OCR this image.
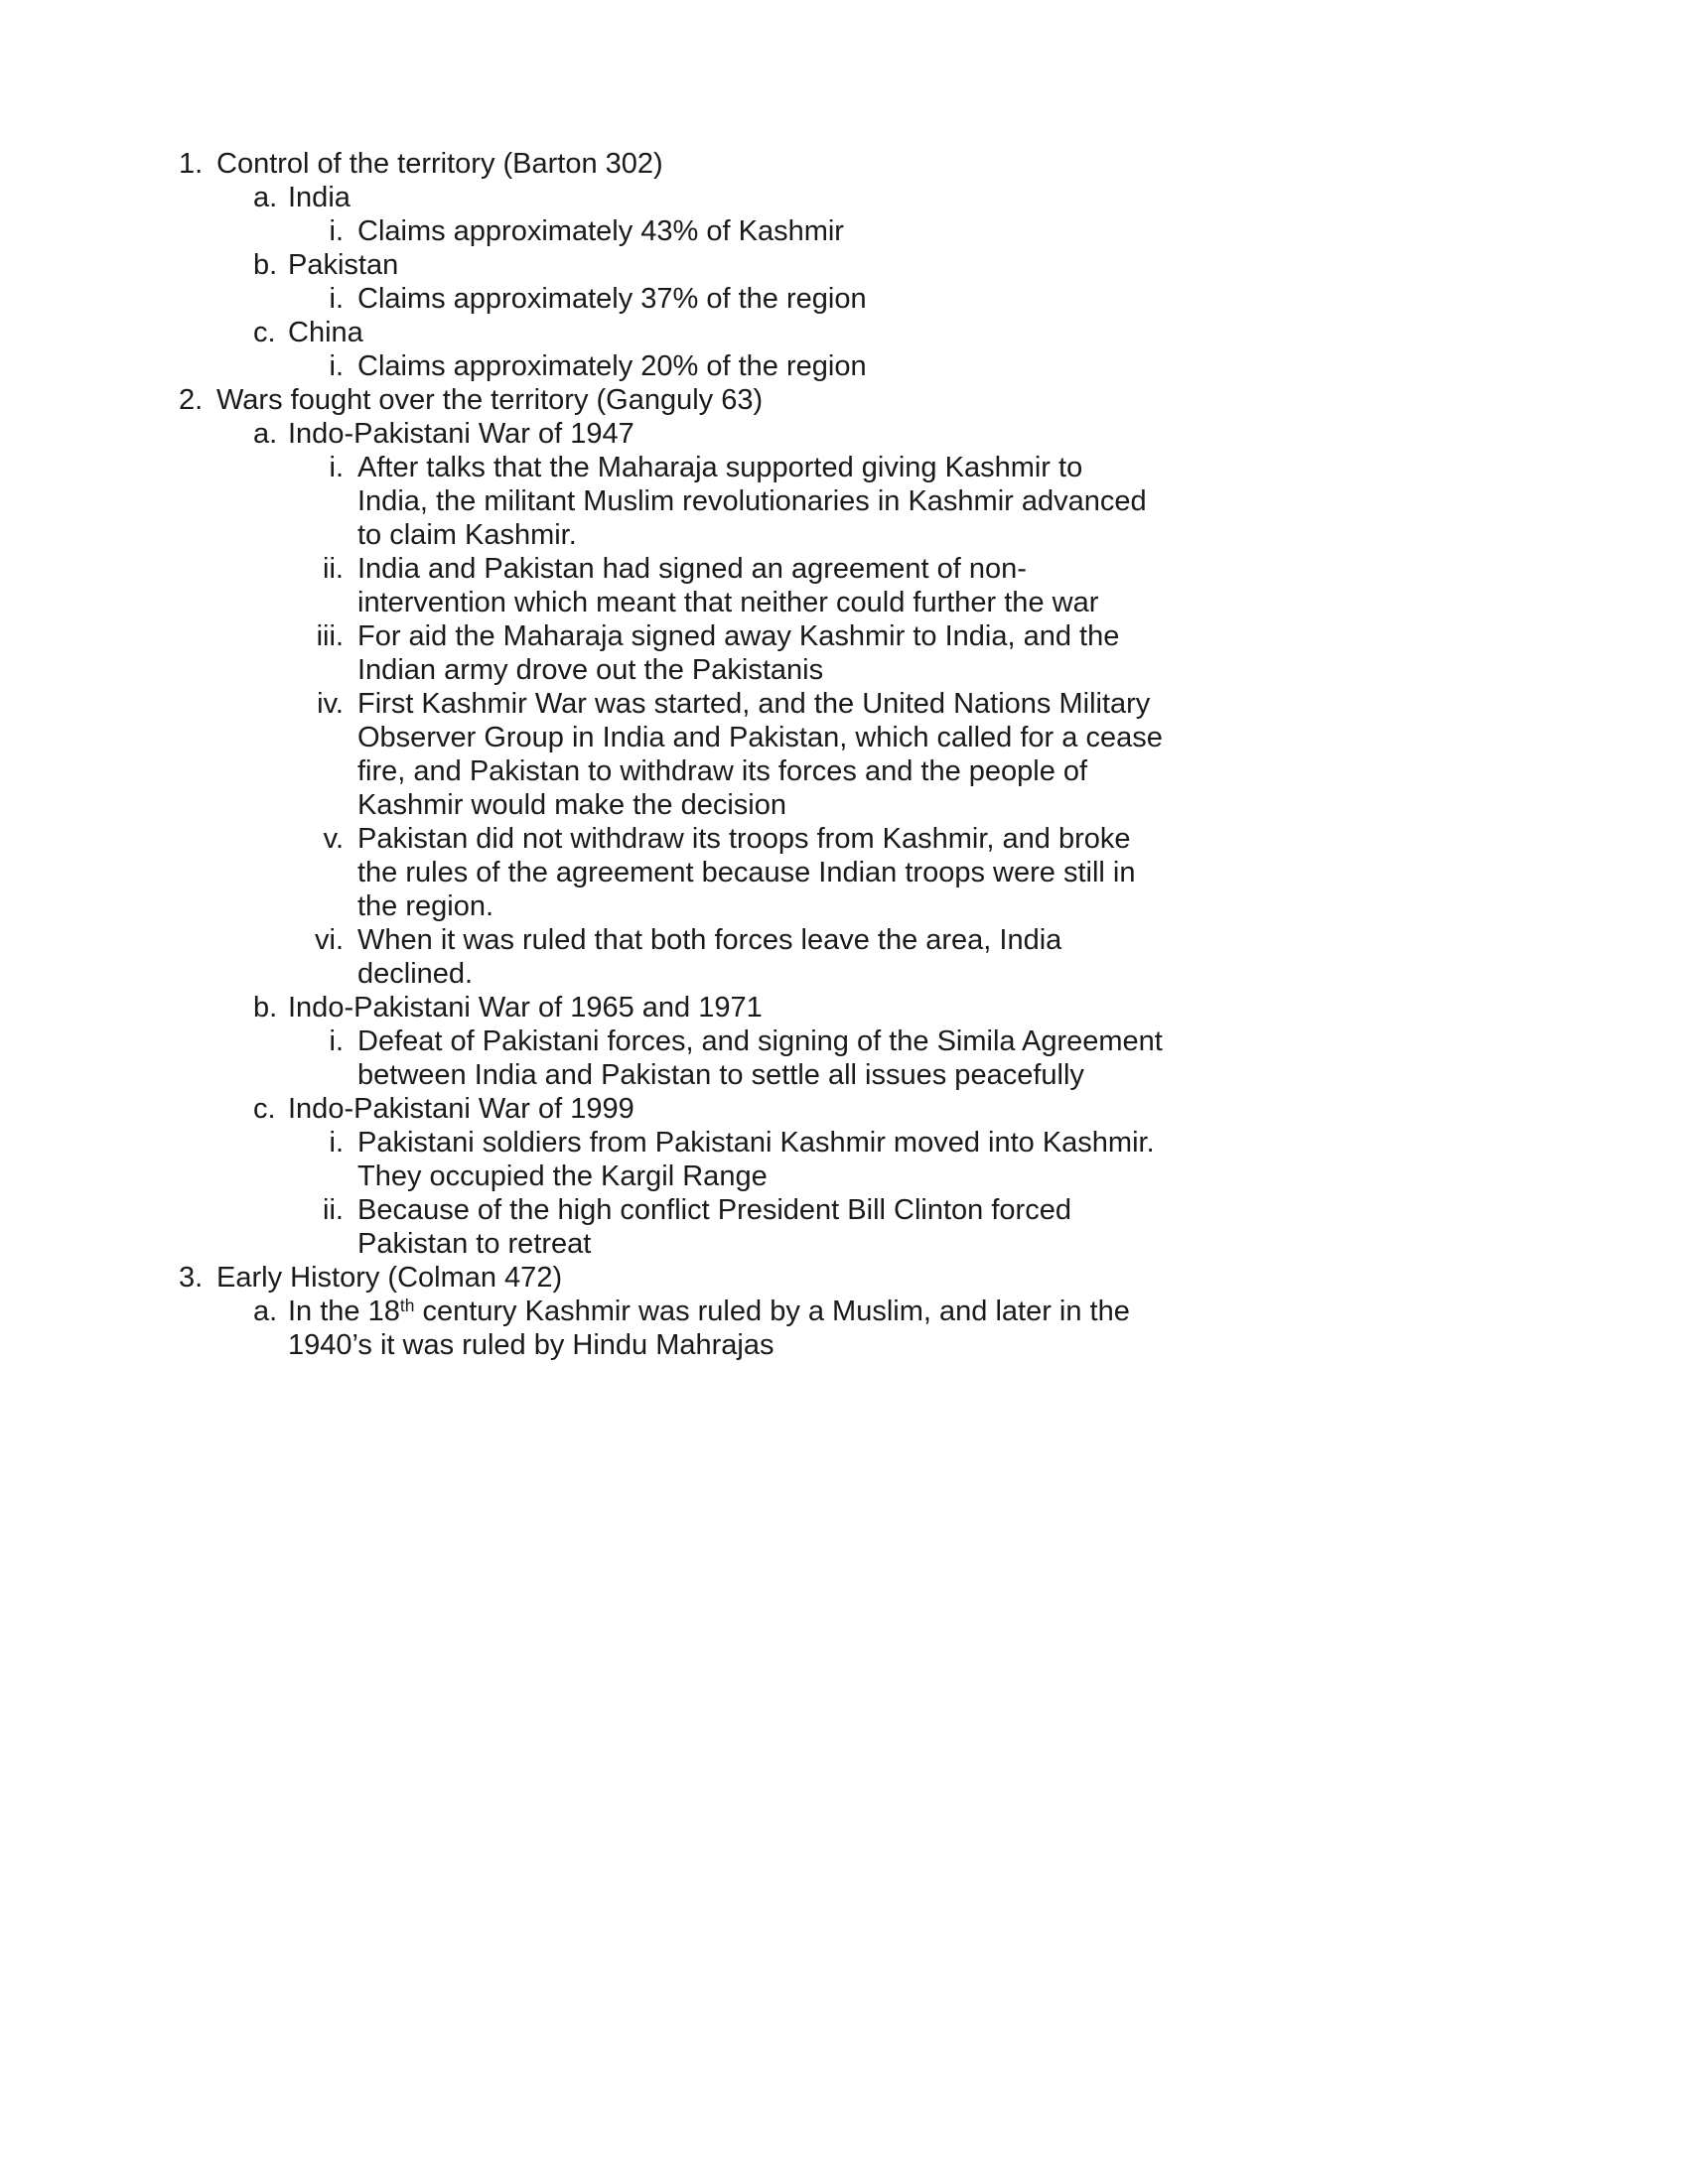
1. Control of the territory (Barton 302)
a. India
i. Claims approximately 43% of Kashmir
b. Pakistan
i. Claims approximately 37% of the region
c. China
i. Claims approximately 20% of the region
2. Wars fought over the territory (Ganguly 63)
a. Indo-Pakistani War of 1947
i. After talks that the Maharaja supported giving Kashmir to
India, the militant Muslim revolutionaries in Kashmir advanced
to claim Kashmir.
ii. India and Pakistan had signed an agreement of non-
intervention which meant that neither could further the war
iii. For aid the Maharaja signed away Kashmir to India, and the
Indian army drove out the Pakistanis
iv. First Kashmir War was started, and the United Nations Military
Observer Group in India and Pakistan, which called for a cease
fire, and Pakistan to withdraw its forces and the people of
Kashmir would make the decision
v. Pakistan did not withdraw its troops from Kashmir, and broke
the rules of the agreement because Indian troops were still in
the region.
vi. When it was ruled that both forces leave the area, India
declined.
b. Indo-Pakistani War of 1965 and 1971
i. Defeat of Pakistani forces, and signing of the Simila Agreement
between India and Pakistan to settle all issues peacefully
c. Indo-Pakistani War of 1999
i. Pakistani soldiers from Pakistani Kashmir moved into Kashmir.
They occupied the Kargil Range
ii. Because of the high conflict President Bill Clinton forced
Pakistan to retreat
3. Early History (Colman 472)
a. In the 18th century Kashmir was ruled by a Muslim, and later in the
1940’s it was ruled by Hindu Mahrajas
